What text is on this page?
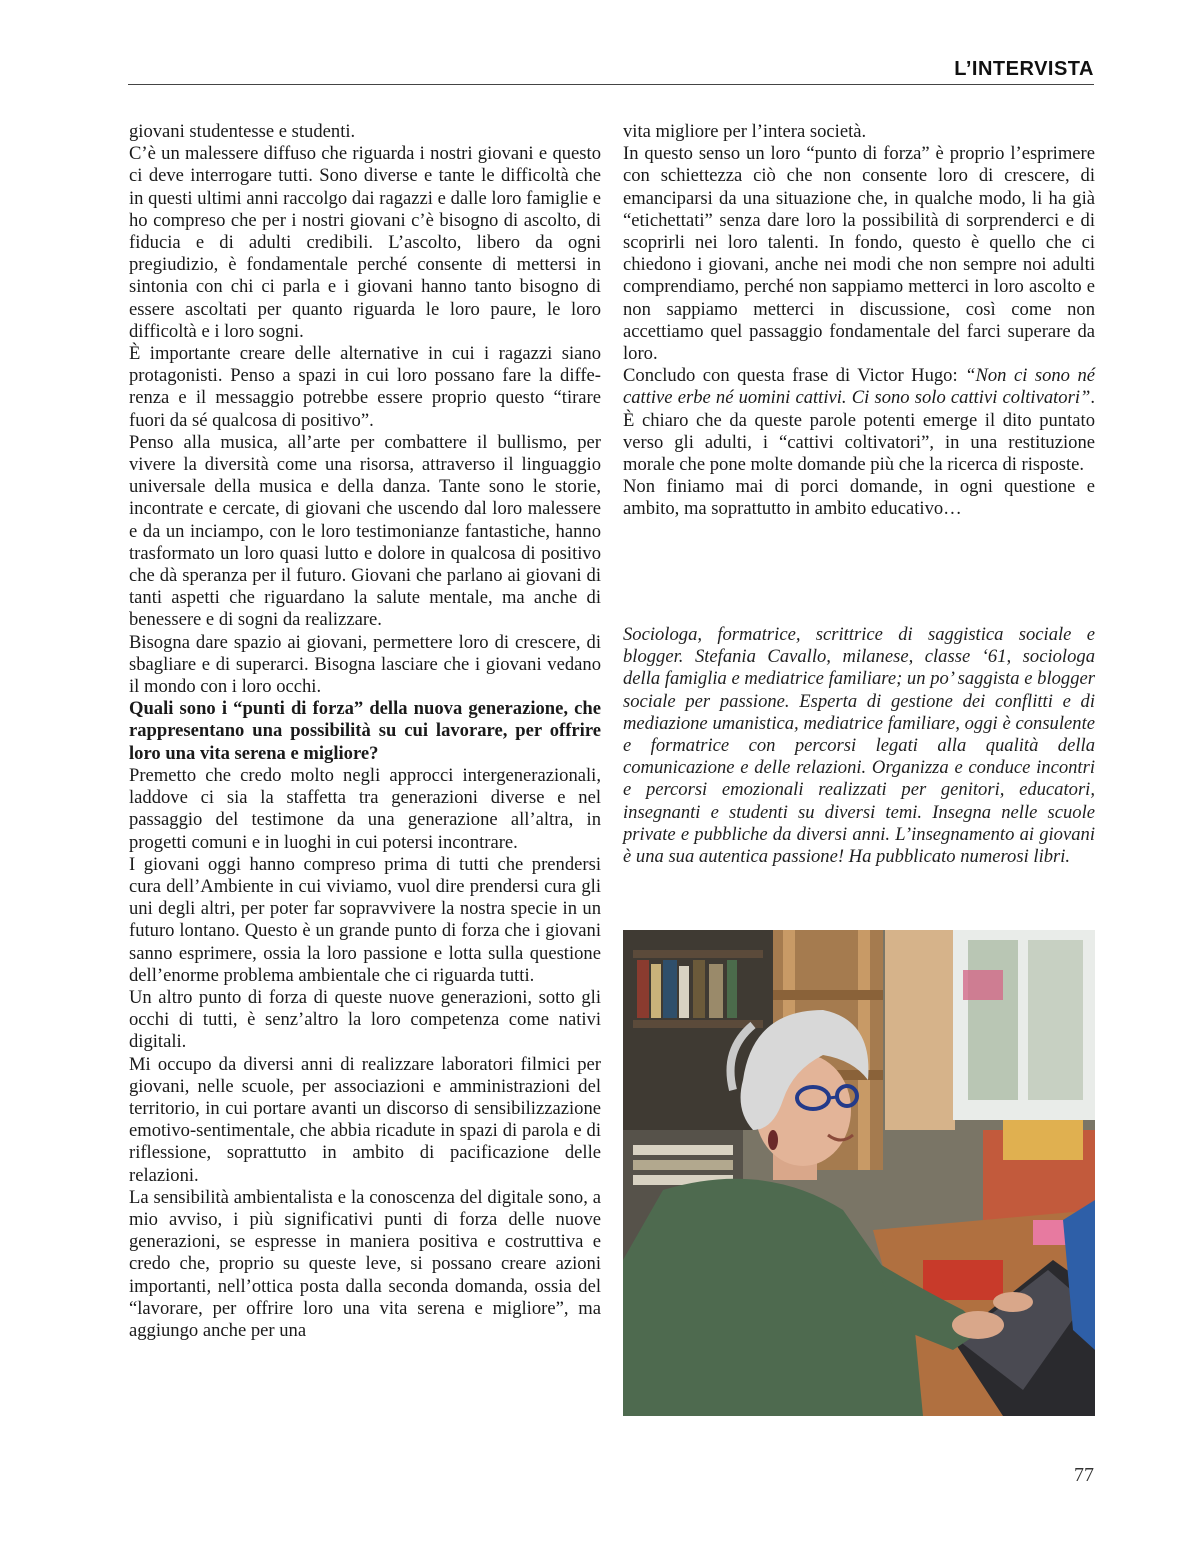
L’INTERVISTA

giovani studentesse e studenti.

C’è un malessere diffuso che riguarda i nostri giovani e questo ci deve interrogare tutti. Sono diverse e tante le difficoltà che in questi ultimi anni raccolgo dai ragazzi e dalle loro famiglie e ho compreso che per i nostri giovani c’è bisogno di ascolto, di fiducia e di adulti credibili. L’ascolto, libero da ogni pregiudizio, è fondamentale perché consente di mettersi in sintonia con chi ci parla e i giovani hanno tanto bisogno di essere ascoltati per quanto riguarda le loro paure, le loro difficoltà e i loro sogni.

È importante creare delle alternative in cui i ragazzi siano protagonisti. Penso a spazi in cui loro possano fare la differenza e il messaggio potrebbe essere proprio questo “tirare fuori da sé qualcosa di positivo”.

Penso alla musica, all’arte per combattere il bullismo, per vivere la diversità come una risorsa, attraverso il linguaggio universale della musica e della danza. Tante sono le storie, incontrate e cercate, di giovani che uscendo dal loro malessere e da un inciampo, con le loro testimonianze fantastiche, hanno trasformato un loro quasi lutto e dolore in qualcosa di positivo che dà speranza per il futuro. Giovani che parlano ai giovani di tanti aspetti che riguardano la salute mentale, ma anche di benessere e di sogni da realizzare.

Bisogna dare spazio ai giovani, permettere loro di crescere, di sbagliare e di superarci. Bisogna lasciare che i giovani vedano il mondo con i loro occhi.

Quali sono i “punti di forza” della nuova generazione, che rappresentano una possibilità su cui lavorare, per offrire loro una vita serena e migliore?

Premetto che credo molto negli approcci intergenerazionali, laddove ci sia la staffetta tra generazioni diverse e nel passaggio del testimone da una generazione all’altra, in progetti comuni e in luoghi in cui potersi incontrare.

I giovani oggi hanno compreso prima di tutti che prendersi cura dell’Ambiente in cui viviamo, vuol dire prendersi cura gli uni degli altri, per poter far sopravvivere la nostra specie in un futuro lontano. Questo è un grande punto di forza che i giovani sanno esprimere, ossia la loro passione e lotta sulla questione dell’enorme problema ambientale che ci riguarda tutti.

Un altro punto di forza di queste nuove generazioni, sotto gli occhi di tutti, è senz’altro la loro competenza come nativi digitali.

Mi occupo da diversi anni di realizzare laboratori filmici per giovani, nelle scuole, per associazioni e amministrazioni del territorio, in cui portare avanti un discorso di sensibilizzazione emotivo-sentimentale, che abbia ricadute in spazi di parola e di riflessione, soprattutto in ambito di pacificazione delle relazioni.

La sensibilità ambientalista e la conoscenza del digitale sono, a mio avviso, i più significativi punti di forza delle nuove generazioni, se espresse in maniera positiva e costruttiva e credo che, proprio su queste leve, si possano creare azioni importanti, nell’ottica posta dalla seconda domanda, ossia del “lavorare, per offrire loro una vita serena e migliore”, ma aggiungo anche per una

vita migliore per l’intera società.

In questo senso un loro “punto di forza” è proprio l’esprimere con schiettezza ciò che non consente loro di crescere, di emanciparsi da una situazione che, in qualche modo, li ha già “etichettati” senza dare loro la possibilità di sorprenderci e di scoprirli nei loro talenti. In fondo, questo è quello che ci chiedono i giovani, anche nei modi che non sempre noi adulti comprendiamo, perché non sappiamo metterci in loro ascolto e non sappiamo metterci in discussione, così come non accettiamo quel passaggio fondamentale del farci superare da loro.

Concludo con questa frase di Victor Hugo: “Non ci sono né cattive erbe né uomini cattivi. Ci sono solo cattivi coltivatori”. È chiaro che da queste parole potenti emerge il dito puntato verso gli adulti, i “cattivi coltivatori”, in una restituzione morale che pone molte domande più che la ricerca di risposte.

Non finiamo mai di porci domande, in ogni questione e ambito, ma soprattutto in ambito educativo…

Sociologa, formatrice, scrittrice di saggistica sociale e blogger. Stefania Cavallo, milanese, classe ‘61, sociologa della famiglia e mediatrice familiare; un po’ saggista e blogger sociale per passione. Esperta di gestione dei conflitti e di mediazione umanistica, mediatrice familiare, oggi è consulente e formatrice con percorsi legati alla qualità della comunicazione e delle relazioni. Organizza e conduce incontri e percorsi emozionali realizzati per genitori, educatori, insegnanti e studenti su diversi temi. Insegna nelle scuole private e pubbliche da diversi anni. L’insegnamento ai giovani è una sua autentica passione! Ha pubblicato numerosi libri.

77
